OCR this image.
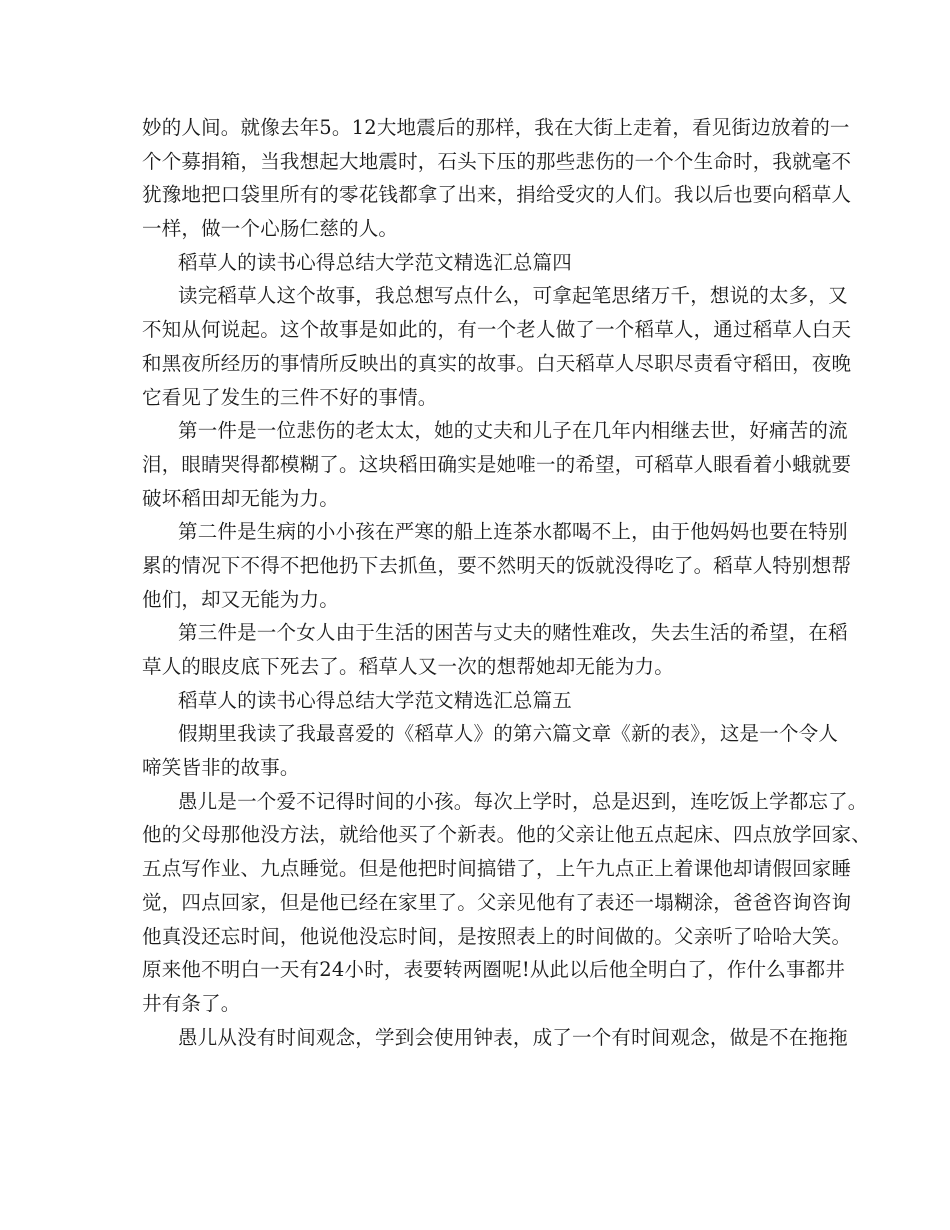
妙的人间。就像去年5。12大地震后的那样，我在大街上走着，看见街边放着的一
个个募捐箱，当我想起大地震时，石头下压的那些悲伤的一个个生命时，我就毫不
犹豫地把口袋里所有的零花钱都拿了出来，捐给受灾的人们。我以后也要向稻草人
一样，做一个心肠仁慈的人。
稻草人的读书心得总结大学范文精选汇总篇四
读完稻草人这个故事，我总想写点什么，可拿起笔思绪万千，想说的太多，又
不知从何说起。这个故事是如此的，有一个老人做了一个稻草人，通过稻草人白天
和黑夜所经历的事情所反映出的真实的故事。白天稻草人尽职尽责看守稻田，夜晚
它看见了发生的三件不好的事情。
第一件是一位悲伤的老太太，她的丈夫和儿子在几年内相继去世，好痛苦的流
泪，眼睛哭得都模糊了。这块稻田确实是她唯一的希望，可稻草人眼看着小蛾就要
破坏稻田却无能为力。
第二件是生病的小小孩在严寒的船上连茶水都喝不上，由于他妈妈也要在特别
累的情况下不得不把他扔下去抓鱼，要不然明天的饭就没得吃了。稻草人特别想帮
他们，却又无能为力。
第三件是一个女人由于生活的困苦与丈夫的赌性难改，失去生活的希望，在稻
草人的眼皮底下死去了。稻草人又一次的想帮她却无能为力。
稻草人的读书心得总结大学范文精选汇总篇五
假期里我读了我最喜爱的《稻草人》的第六篇文章《新的表》，这是一个令人
啼笑皆非的故事。
愚儿是一个爱不记得时间的小孩。每次上学时，总是迟到，连吃饭上学都忘了。
他的父母那他没方法，就给他买了个新表。他的父亲让他五点起床、四点放学回家、
五点写作业、九点睡觉。但是他把时间搞错了，上午九点正上着课他却请假回家睡
觉，四点回家，但是他已经在家里了。父亲见他有了表还一塌糊涂，爸爸咨询咨询
他真没还忘时间，他说他没忘时间，是按照表上的时间做的。父亲听了哈哈大笑。
原来他不明白一天有24小时，表要转两圈呢!从此以后他全明白了，作什么事都井
井有条了。
愚儿从没有时间观念，学到会使用钟表，成了一个有时间观念，做是不在拖拖
